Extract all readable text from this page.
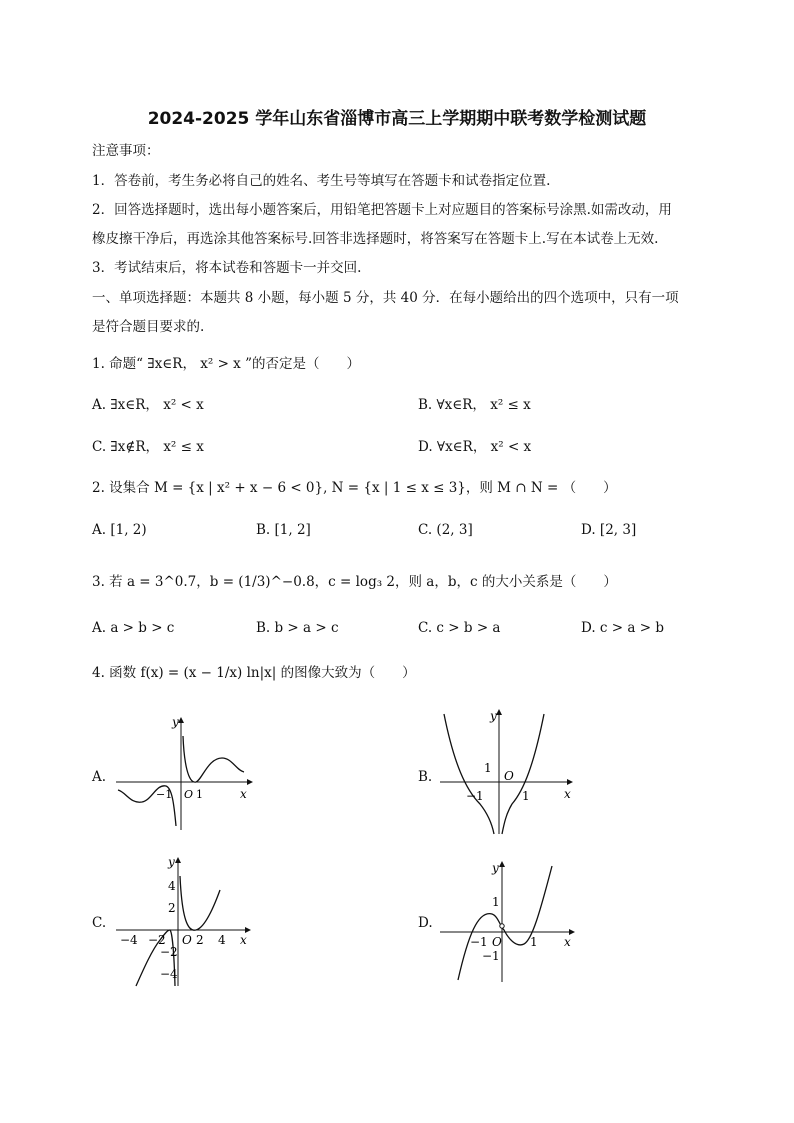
2024-2025 学年山东省淄博市高三上学期期中联考数学检测试题
注意事项：
1．答卷前，考生务必将自己的姓名、考生号等填写在答题卡和试卷指定位置.
2．回答选择题时，选出每小题答案后，用铅笔把答题卡上对应题目的答案标号涂黑.如需改动，用
橡皮擦干净后，再选涂其他答案标号.回答非选择题时，将答案写在答题卡上.写在本试卷上无效.
3．考试结束后，将本试卷和答题卡一并交回.
一、单项选择题：本题共 8 小题，每小题 5 分，共 40 分．在每小题给出的四个选项中，只有一项
是符合题目要求的.
1. 命题“ ∃x∈R， x² > x ”的否定是（　　）
A. ∃x∈R， x² < x	B. ∀x∈R， x² ≤ x
C. ∃x∉R， x² ≤ x	D. ∀x∈R， x² < x
2. 设集合 M = {x | x² + x − 6 < 0}, N = {x | 1 ≤ x ≤ 3}，则 M ∩ N = （　　）
A. [1, 2)	B. [1, 2]	C. (2, 3]	D. [2, 3]
3. 若 a = 3^0.7，b = (1/3)^−0.8，c = log₃ 2，则 a，b，c 的大小关系是（　　）
A. a > b > c	B. b > a > c	C. c > b > a	D. c > a > b
4. 函数 f(x) = (x − 1/x) ln|x| 的图像大致为（　　）
A.	B.
C.	D.
y
−1 O 1	x
y
1
O
−1	1	x
y
4
2
−4 −2 O 2 4 x
−2
−4
y
1
−1 O 1
−1
x
